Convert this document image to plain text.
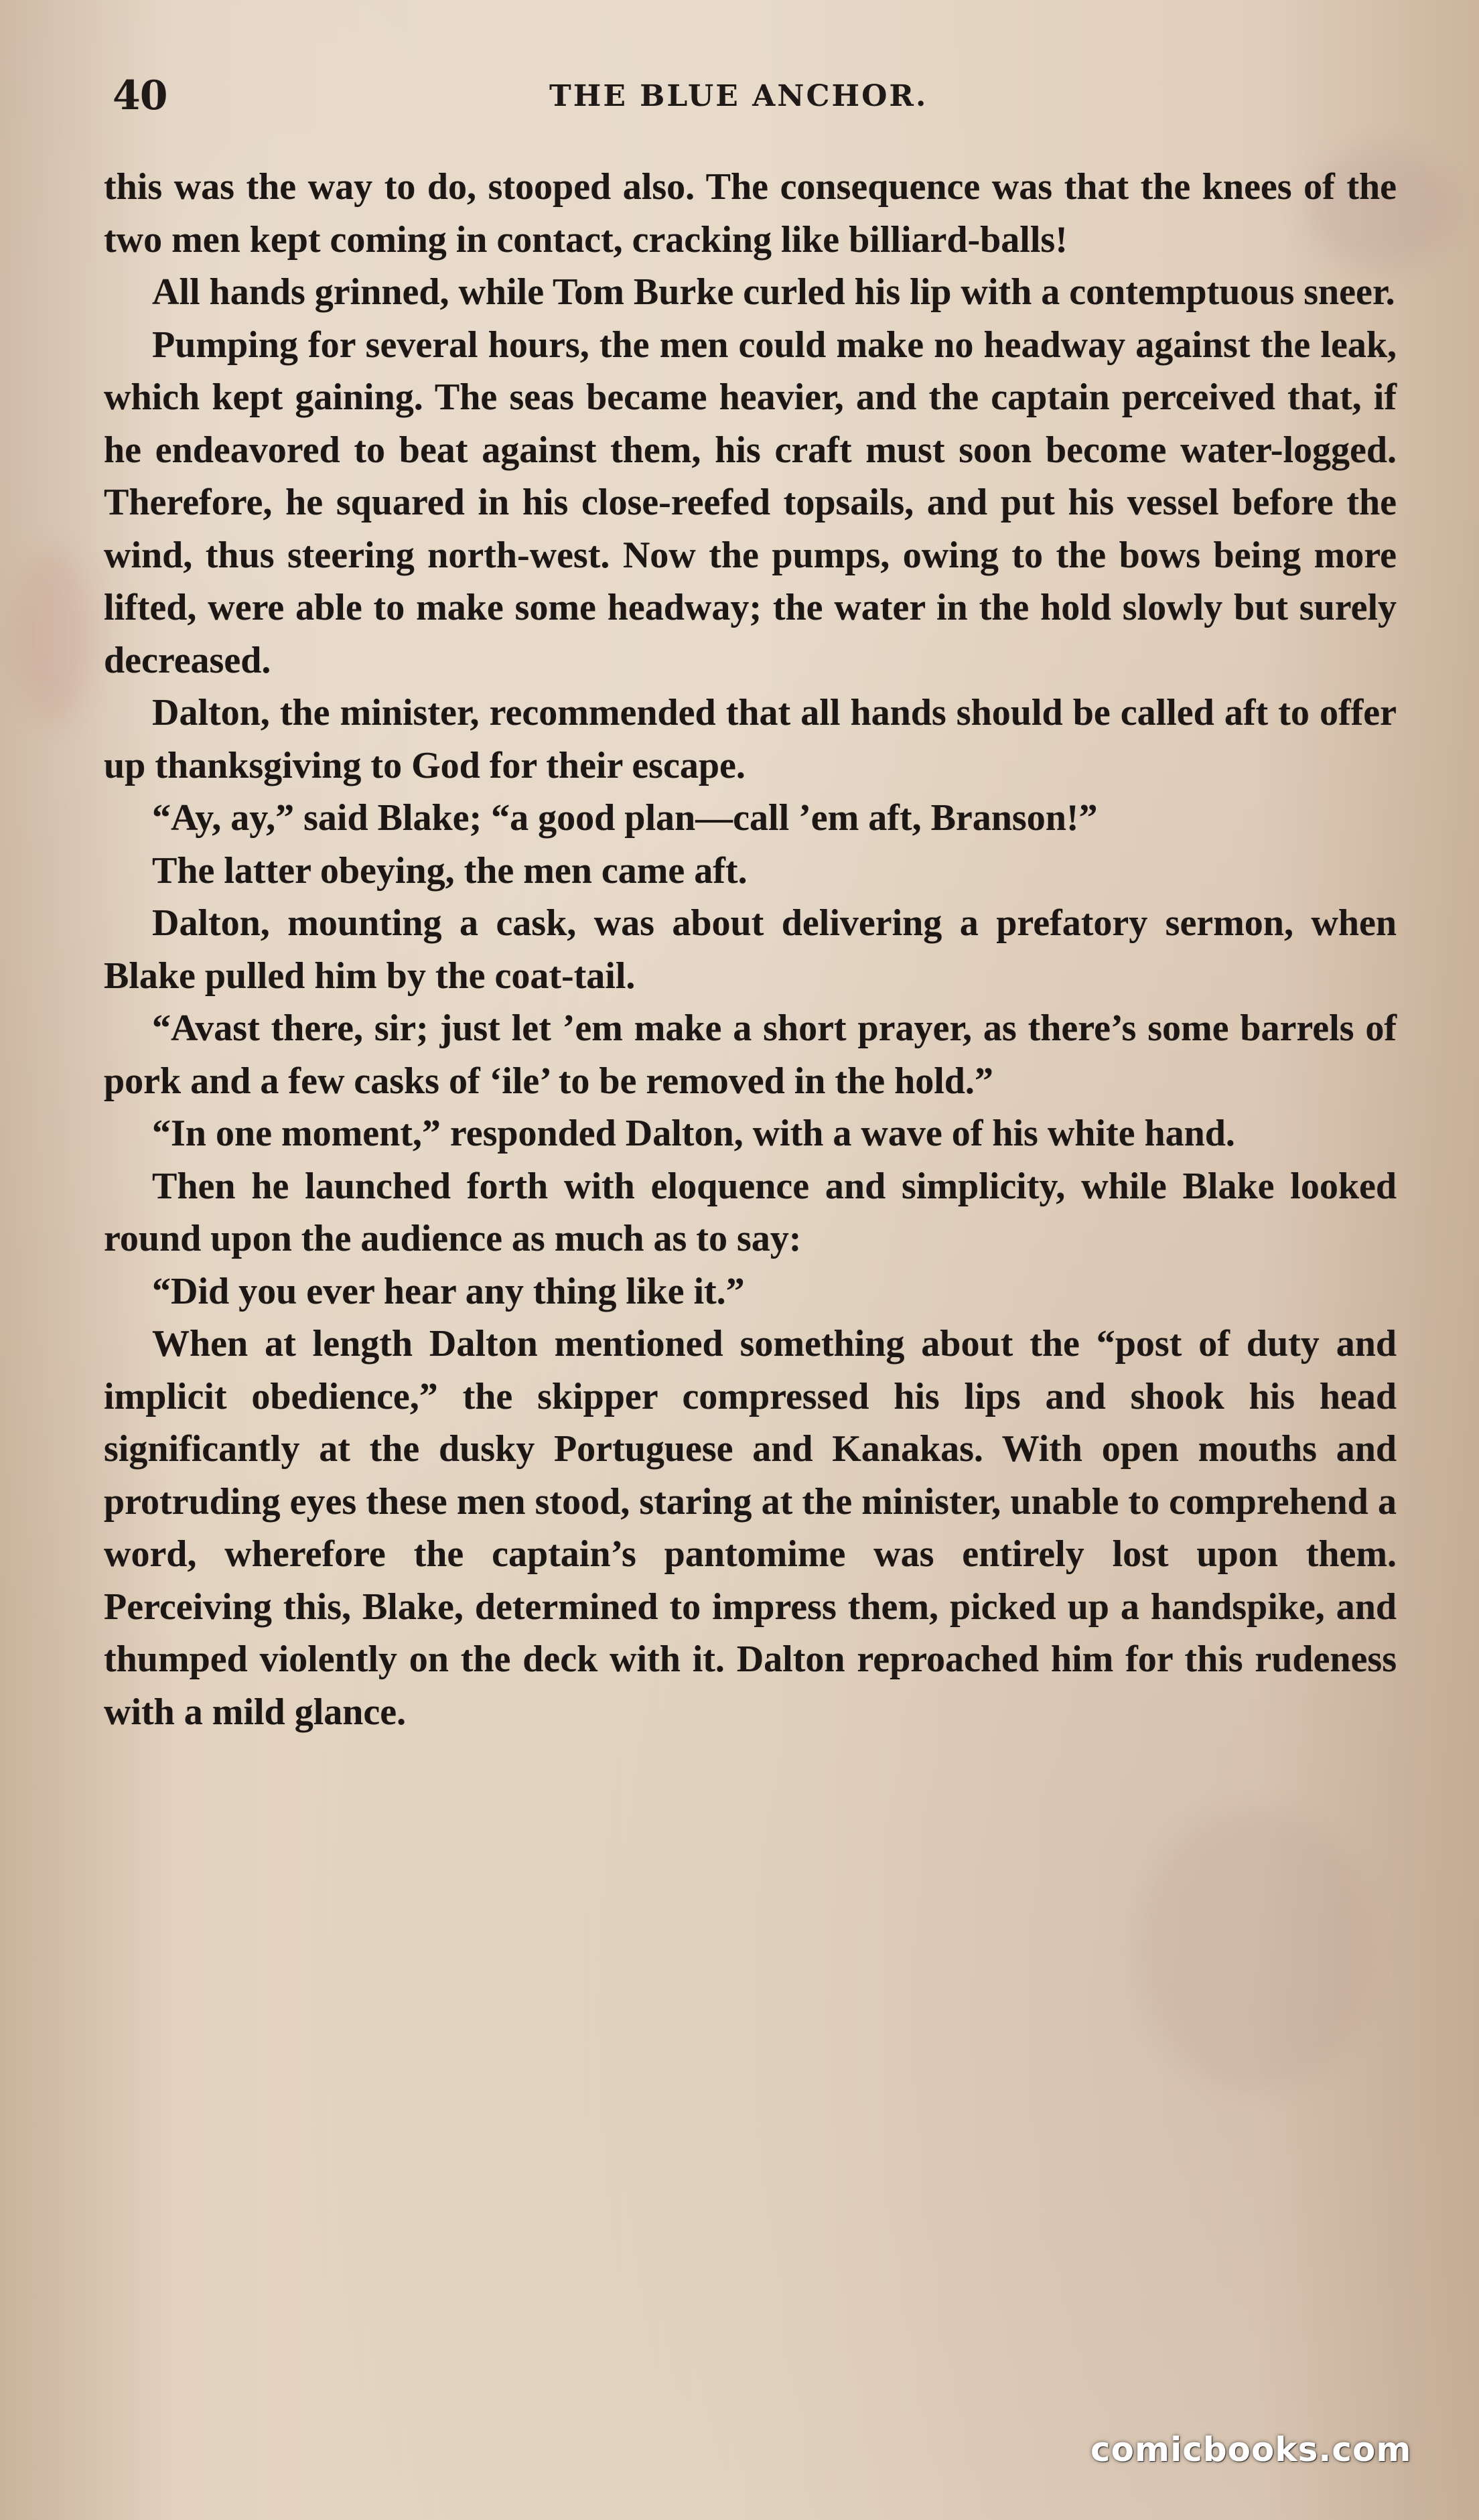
40	THE BLUE ANCHOR.

this was the way to do, stooped also. The consequence was that the knees of the two men kept coming in contact, cracking like billiard-balls!

All hands grinned, while Tom Burke curled his lip with a contemptuous sneer.

Pumping for several hours, the men could make no headway against the leak, which kept gaining. The seas became heavier, and the captain perceived that, if he endeavored to beat against them, his craft must soon become water-logged. Therefore, he squared in his close-reefed topsails, and put his vessel before the wind, thus steering north-west. Now the pumps, owing to the bows being more lifted, were able to make some headway; the water in the hold slowly but surely decreased.

Dalton, the minister, recommended that all hands should be called aft to offer up thanksgiving to God for their escape.

“Ay, ay,” said Blake; “a good plan—call ’em aft, Branson!”

The latter obeying, the men came aft.

Dalton, mounting a cask, was about delivering a prefatory sermon, when Blake pulled him by the coat-tail.

“Avast there, sir; just let ’em make a short prayer, as there’s some barrels of pork and a few casks of ‘ile’ to be removed in the hold.”

“In one moment,” responded Dalton, with a wave of his white hand.

Then he launched forth with eloquence and simplicity, while Blake looked round upon the audience as much as to say:

“Did you ever hear any thing like it.”

When at length Dalton mentioned something about the “post of duty and implicit obedience,” the skipper compressed his lips and shook his head significantly at the dusky Portuguese and Kanakas. With open mouths and protruding eyes these men stood, staring at the minister, unable to comprehend a word, wherefore the captain’s pantomime was entirely lost upon them. Perceiving this, Blake, determined to impress them, picked up a handspike, and thumped violently on the deck with it. Dalton reproached him for this rudeness with a mild glance.

comicbooks.com
